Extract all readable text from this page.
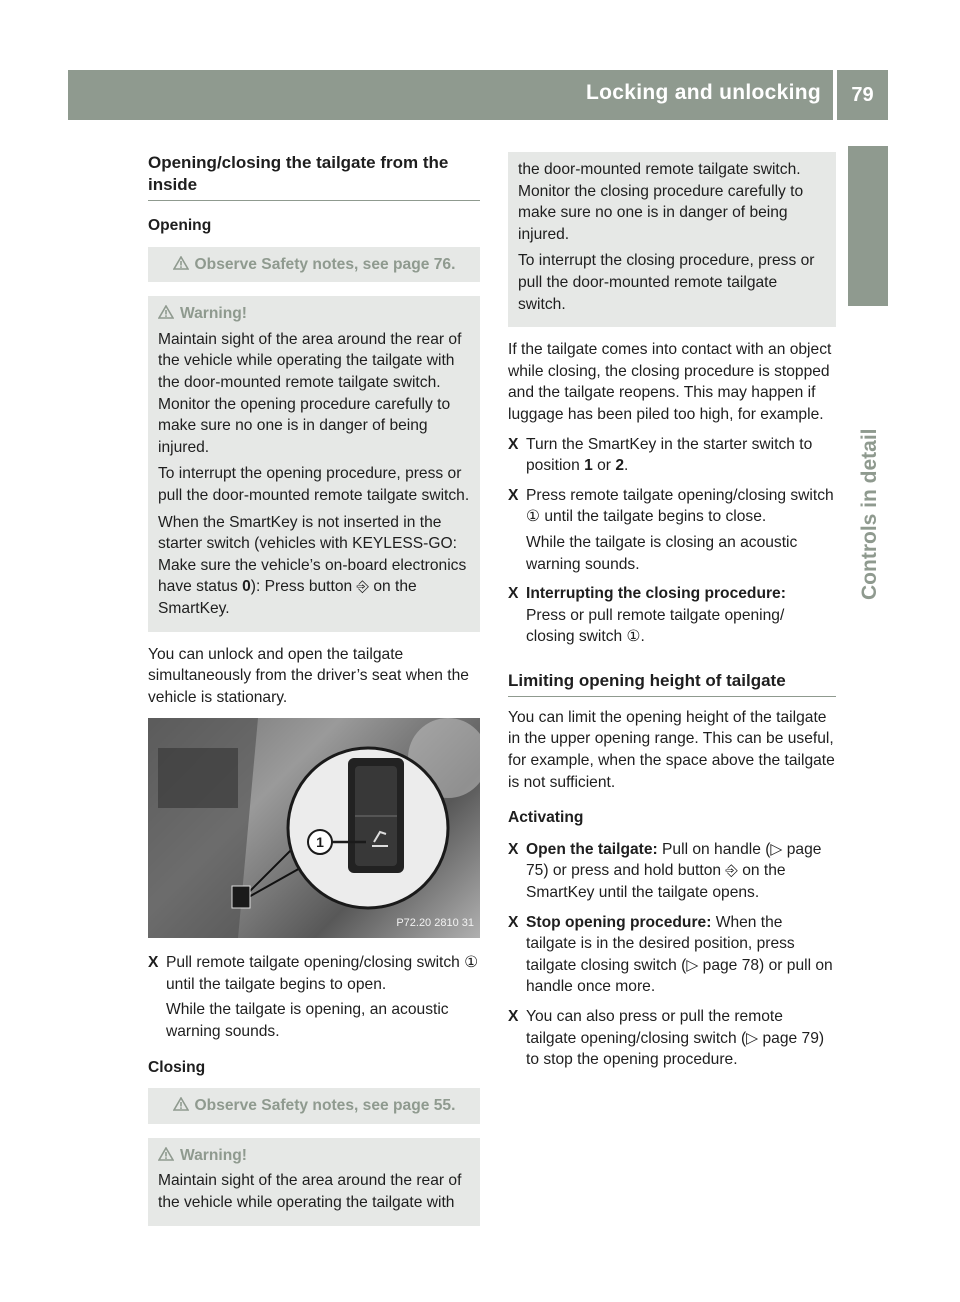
Locking and unlocking	79
Controls in detail
Opening/closing the tailgate from the inside
Opening
Observe Safety notes, see page 76.
Warning!

Maintain sight of the area around the rear of the vehicle while operating the tailgate with the door-mounted remote tailgate switch. Monitor the opening procedure carefully to make sure no one is in danger of being injured.

To interrupt the opening procedure, press or pull the door-mounted remote tailgate switch.

When the SmartKey is not inserted in the starter switch (vehicles with KEYLESS-GO: Make sure the vehicle’s on-board electronics have status 0): Press button ⎆ on the SmartKey.

You can unlock and open the tailgate simultaneously from the driver’s seat when the vehicle is stationary.

1
P72.20 2810 31
X Pull remote tailgate opening/closing switch ① until the tailgate begins to open.
While the tailgate is opening, an acoustic warning sounds.
Closing
Observe Safety notes, see page 55.
Warning!

Maintain sight of the area around the rear of the vehicle while operating the tailgate with

the door-mounted remote tailgate switch. Monitor the closing procedure carefully to make sure no one is in danger of being injured.

To interrupt the closing procedure, press or pull the door-mounted remote tailgate switch.

If the tailgate comes into contact with an object while closing, the closing procedure is stopped and the tailgate reopens. This may happen if luggage has been piled too high, for example.

X Turn the SmartKey in the starter switch to position 1 or 2.
X Press remote tailgate opening/closing switch ① until the tailgate begins to close.
While the tailgate is closing an acoustic warning sounds.
X Interrupting the closing procedure:
Press or pull remote tailgate opening/ closing switch ①.
Limiting opening height of tailgate

You can limit the opening height of the tailgate in the upper opening range. This can be useful, for example, when the space above the tailgate is not sufficient.

Activating
X Open the tailgate: Pull on handle (▷ page 75) or press and hold button ⎆ on the SmartKey until the tailgate opens.
X Stop opening procedure: When the tailgate is in the desired position, press tailgate closing switch (▷ page 78) or pull on handle once more.
X You can also press or pull the remote tailgate opening/closing switch (▷ page 79) to stop the opening procedure.
